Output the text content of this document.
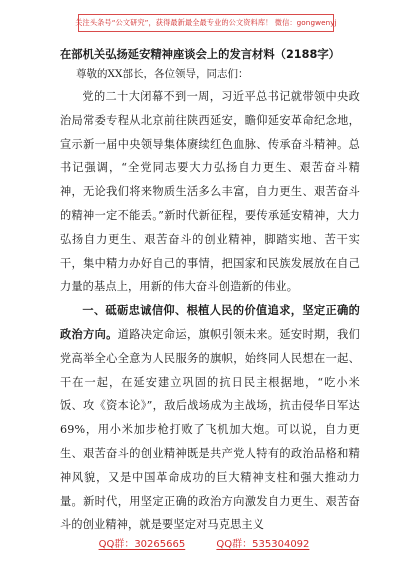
关注头条号“公文研究”，获得最新最全最专业的公文资料库！ 微信：gongwenyj
在部机关弘扬延安精神座谈会上的发言材料（2188字）
尊敬的XX部长，各位领导，同志们：

党的二十大闭幕不到一周，习近平总书记就带领中央政治局常委专程从北京前往陕西延安，瞻仰延安革命纪念地，宣示新一届中央领导集体赓续红色血脉、传承奋斗精神。总书记强调，“全党同志要大力弘扬自力更生、艰苦奋斗精神，无论我们将来物质生活多么丰富，自力更生、艰苦奋斗的精神一定不能丢。”新时代新征程，要传承延安精神，大力弘扬自力更生、艰苦奋斗的创业精神，脚踏实地、苦干实干，集中精力办好自己的事情，把国家和民族发展放在自己力量的基点上，用新的伟大奋斗创造新的伟业。

一、砥砺忠诚信仰、根植人民的价值追求，坚定正确的政治方向。道路决定命运，旗帜引领未来。延安时期，我们党高举全心全意为人民服务的旗帜，始终同人民想在一起、干在一起，在延安建立巩固的抗日民主根据地，“吃小米饭、攻《资本论》”，敌后战场成为主战场，抗击侵华日军达69%，用小米加步枪打败了飞机加大炮。可以说，自力更生、艰苦奋斗的创业精神既是共产党人特有的政治品格和精神风貌，又是中国革命成功的巨大精神支柱和强大推动力量。新时代，用坚定正确的政治方向激发自力更生、艰苦奋斗的创业精神，就是要坚定对马克思主义

QQ群：30265665	QQ群：535304092
